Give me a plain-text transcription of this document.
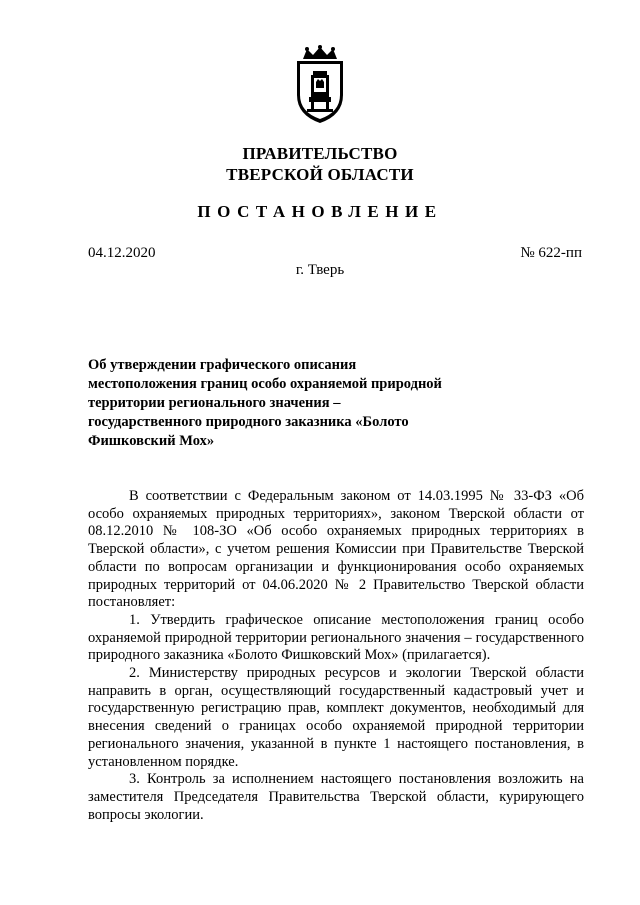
ПРАВИТЕЛЬСТВО
ТВЕРСКОЙ ОБЛАСТИ
ПОСТАНОВЛЕНИЕ
04.12.2020	№ 622-пп
г. Тверь
Об утверждении графического описания местоположения границ особо охраняемой природной территории регионального значения – государственного природного заказника «Болото Фишковский Мох»

В соответствии с Федеральным законом от 14.03.1995 № 33-ФЗ «Об особо охраняемых природных территориях», законом Тверской области от 08.12.2010 № 108-ЗО «Об особо охраняемых природных территориях в Тверской области», с учетом решения Комиссии при Правительстве Тверской области по вопросам организации и функционирования особо охраняемых природных территорий от 04.06.2020 № 2 Правительство Тверской области постановляет:

1. Утвердить графическое описание местоположения границ особо охраняемой природной территории регионального значения – государственного природного заказника «Болото Фишковский Мох» (прилагается).

2. Министерству природных ресурсов и экологии Тверской области направить в орган, осуществляющий государственный кадастровый учет и государственную регистрацию прав, комплект документов, необходимый для внесения сведений о границах особо охраняемой природной территории регионального значения, указанной в пункте 1 настоящего постановления, в установленном порядке.

3. Контроль за исполнением настоящего постановления возложить на заместителя Председателя Правительства Тверской области, курирующего вопросы экологии.
